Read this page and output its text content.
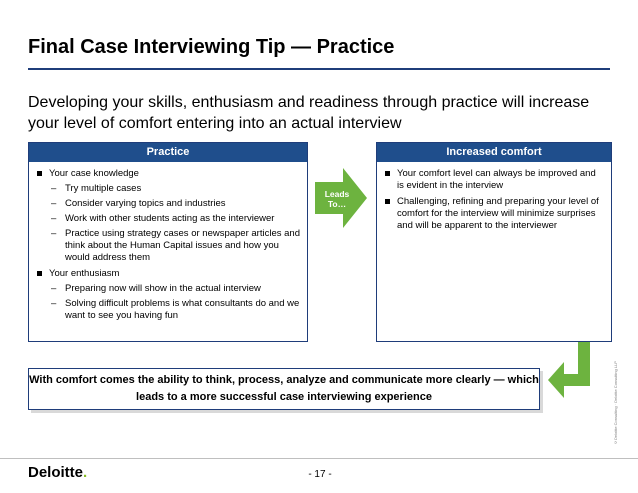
Final Case Interviewing Tip — Practice
Developing your skills, enthusiasm and readiness through practice will increase your level of comfort entering into an actual interview
Practice
Your case knowledge
– Try multiple cases
– Consider varying topics and industries
– Work with other students acting as the interviewer
– Practice using strategy cases or newspaper articles and think about the Human Capital issues and how you would address them
Your enthusiasm
– Preparing now will show in the actual interview
– Solving difficult problems is what consultants do and we want to see you having fun
Leads
To…
Increased comfort
Your comfort level can always be improved and is evident in the interview
Challenging, refining and preparing your level of comfort for the interview will minimize surprises and will be apparent to the interviewer
With comfort comes the ability to think, process, analyze and communicate more clearly — which leads to a more successful case interviewing experience	©Deloitte Consulting · Deloitte Consulting LLP
Deloitte.	- 17 -
